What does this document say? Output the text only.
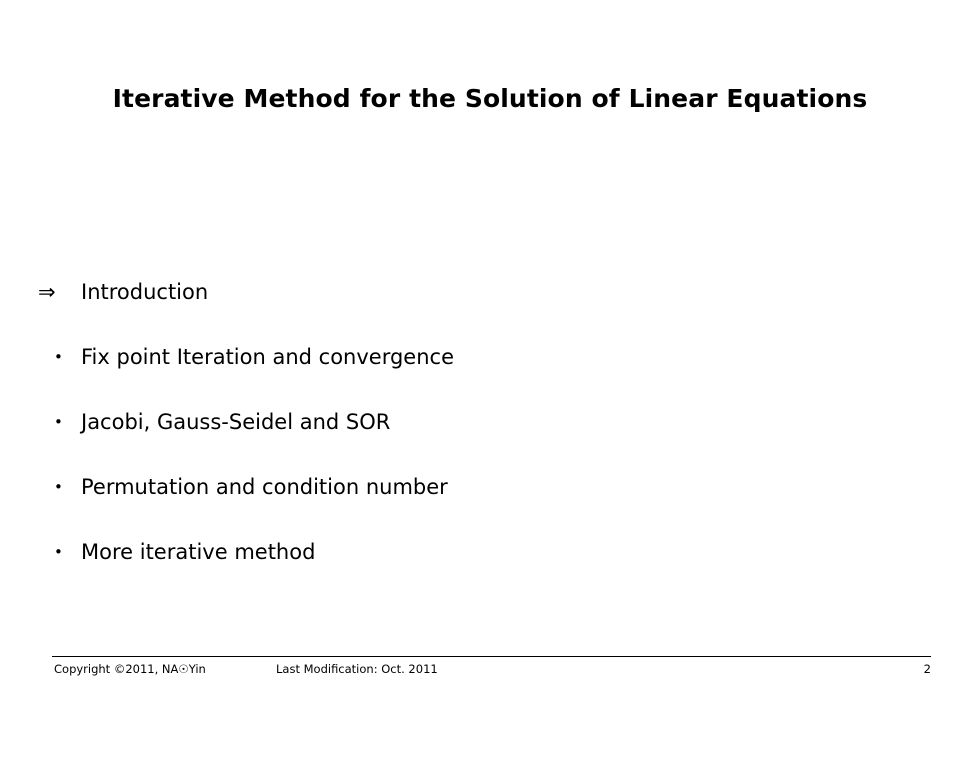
Iterative Method for the Solution of Linear Equations
⇒	Introduction
• Fix point Iteration and convergence
• Jacobi, Gauss-Seidel and SOR
• Permutation and condition number
• More iterative method
Copyright ©2011, NA☉Yin	Last Modification: Oct. 2011	2
